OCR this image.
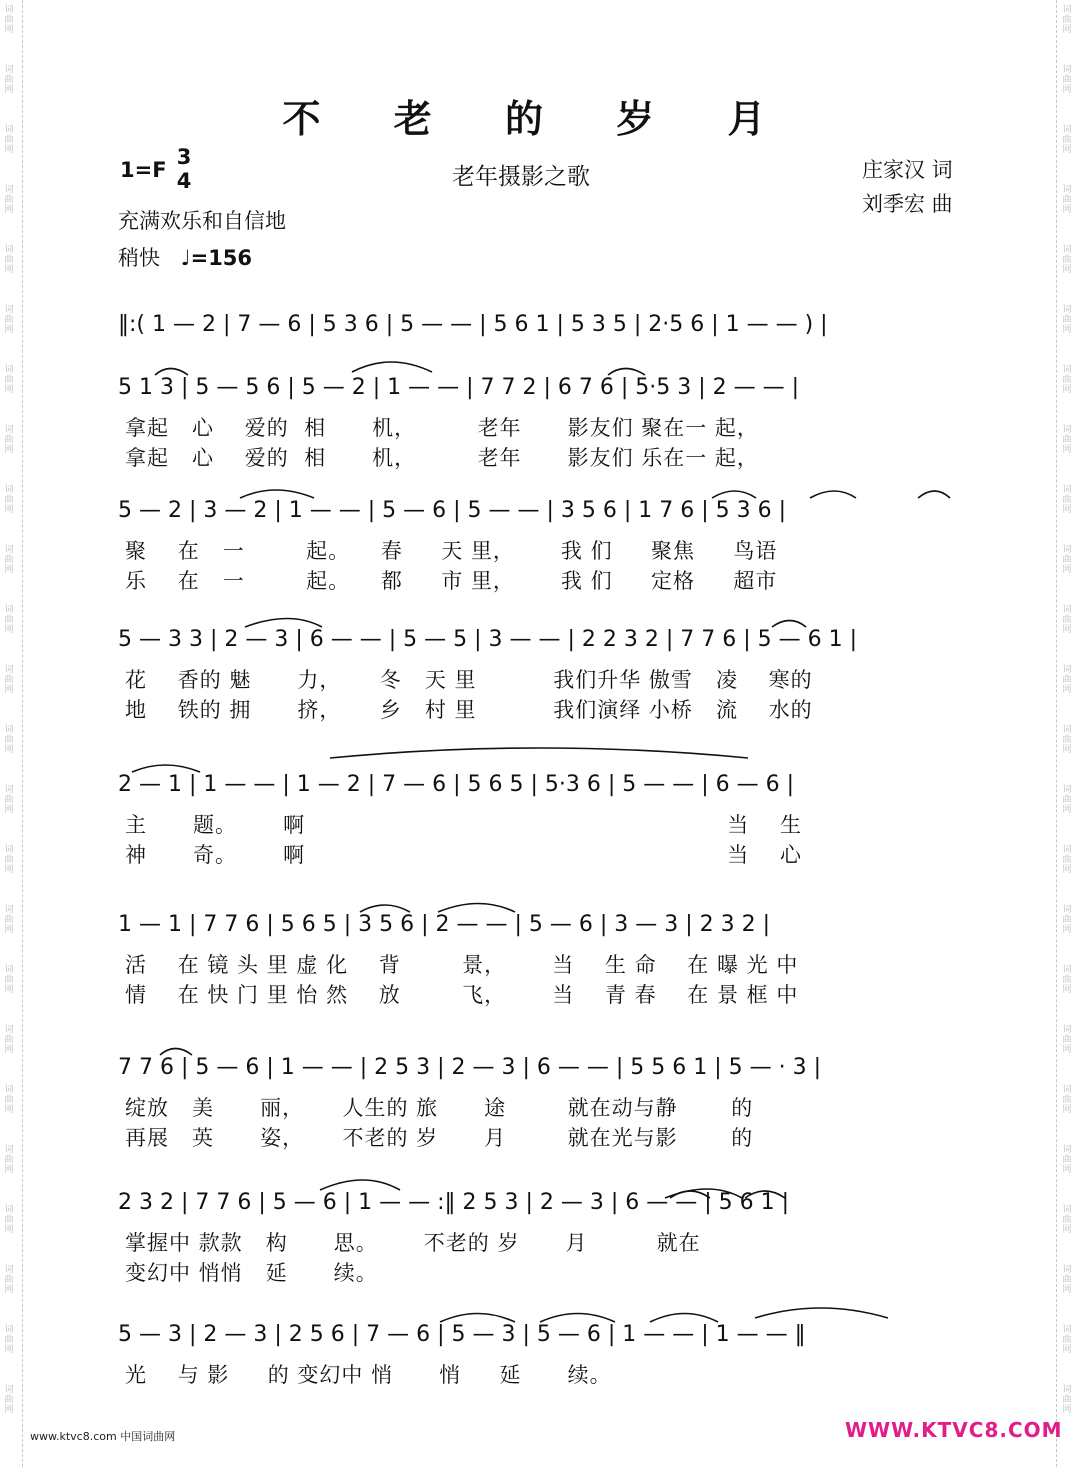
词
曲
网
词
曲
网
词
曲
网
词
曲
网
词
曲
网
词
曲
网
词
曲
网
词
曲
网
词
曲
网
词
曲
网
词
曲
网
词
曲
网
词
曲
网
词
曲
网
词
曲
网
词
曲
网
词
曲
网
词
曲
网
词
曲
网
词
曲
网
词
曲
网
词
曲
网
词
曲
网
词
曲
网
词
曲
网
词
曲
网
词
曲
网
词
曲
网
词
曲
网
词
曲
网
词
曲
网
词
曲
网
词
曲
网
词
曲
网
词
曲
网
词
曲
网
词
曲
网
词
曲
网
词
曲
网
词
曲
网
词
曲
网
词
曲
网
词
曲
网
词
曲
网
词
曲
网
词
曲
网
词
曲
网
词
曲
网
不 老 的 岁 月
1=F
3
4	老年摄影之歌	庄家汉 词
刘季宏 曲
充满欢乐和自信地
稍快 ♩=156
‖:( 1 — 2 | 7 — 6 | 5 3 6 | 5 — — | 5 6 1 | 5 3 5 | 2·5 6 | 1 — — ) |
5 1 3 | 5 — 5 6 | 5 — 2 | 1 — — | 7 7 2 | 6 7 6 | 5·5 3 | 2 — — |
拿起   心    爱的  相      机，        老年      影友们 聚在一 起，
拿起   心    爱的  相      机，        老年      影友们 乐在一 起，
5 — 2 | 3 — 2 | 1 — — | 5 — 6 | 5 — — | 3 5 6 | 1 7 6 | 5 3 6 |
聚    在   一        起。    春     天 里，      我 们     聚焦     鸟语
乐    在   一        起。    都     市 里，      我 们     定格     超市
5 — 3 3 | 2 — 3 | 6 — — | 5 — 5 | 3 — — | 2 2 3 2 | 7 7 6 | 5 — 6 1 |
花    香的 魅      力，     冬   天 里          我们升华 傲雪   凌    寒的
地    铁的 拥      挤，     乡   村 里          我们演绎 小桥   流    水的
2 — 1 | 1 — — | 1 — 2 | 7 — 6 | 5 6 5 | 5·3 6 | 5 — — | 6 — 6 |
主      题。      啊                                                       当    生
神      奇。      啊                                                       当    心
1 — 1 | 7 7 6 | 5 6 5 | 3 5 6 | 2 — — | 5 — 6 | 3 — 3 | 2 3 2 |
活    在 镜 头 里 虚 化    背        景，      当    生 命    在 曝 光 中
情    在 快 门 里 怡 然    放        飞，      当    青 春    在 景 框 中
7 7 6 | 5 — 6 | 1 — — | 2 5 3 | 2 — 3 | 6 — — | 5 5 6 1 | 5 — · 3 |
绽放   美      丽，     人生的 旅      途        就在动与静       的
再展   英      姿，     不老的 岁      月        就在光与影       的
2 3 2 | 7 7 6 | 5 — 6 | 1 — — :‖ 2 5 3 | 2 — 3 | 6 — — | 5 6 1 |
掌握中 款款   构      思。      不老的 岁      月         就在
变幻中 悄悄   延      续。
5 — 3 | 2 — 3 | 2 5 6 | 7 — 6 | 5 — 3 | 5 — 6 | 1 — — | 1 — — ‖
光    与 影     的 变幻中 悄      悄     延      续。
www.ktvc8.com 中国词曲网	WWW.KTVC8.COM
